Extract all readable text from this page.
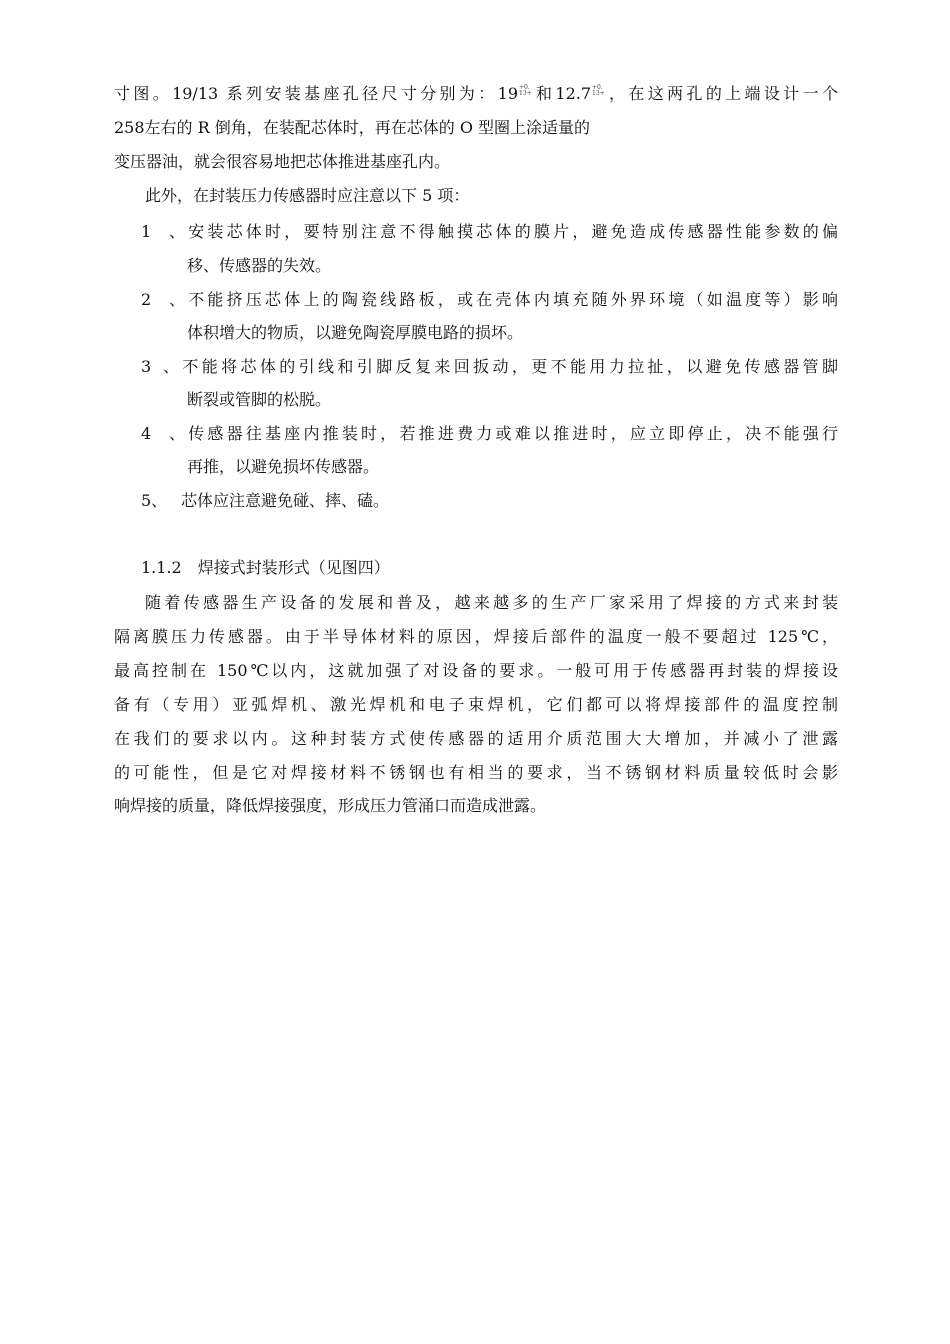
寸图。19/13 系列安装基座孔径尺寸分别为：19 +0.
13+ 和12.7 +0.
13+ ，在这两孔的上端设计一个
258左右的 R 倒角，在装配芯体时，再在芯体的 O 型圈上涂适量的
变压器油，就会很容易地把芯体推进基座孔内。
此外，在封装压力传感器时应注意以下 5 项：
1、安装芯体时，要特别注意不得触摸芯体的膜片，避免造成传感器性能参数的偏
移、传感器的失效。
2、不能挤压芯体上的陶瓷线路板，或在壳体内填充随外界环境（如温度等）影响
体积增大的物质，以避免陶瓷厚膜电路的损坏。
3、不能将芯体的引线和引脚反复来回扳动，更不能用力拉扯，以避免传感器管脚
断裂或管脚的松脱。
4、传感器往基座内推装时，若推进费力或难以推进时，应立即停止，决不能强行
再推，以避免损坏传感器。
5、 芯体应注意避免碰、摔、磕。
1.1.2　焊接式封装形式（见图四）
随着传感器生产设备的发展和普及，越来越多的生产厂家采用了焊接的方式来封装
隔离膜压力传感器。由于半导体材料的原因，焊接后部件的温度一般不要超过 125℃，
最高控制在 150℃以内，这就加强了对设备的要求。一般可用于传感器再封装的焊接设
备有（专用）亚弧焊机、激光焊机和电子束焊机，它们都可以将焊接部件的温度控制
在我们的要求以内。这种封装方式使传感器的适用介质范围大大增加，并减小了泄露
的可能性，但是它对焊接材料不锈钢也有相当的要求，当不锈钢材料质量较低时会影
响焊接的质量，降低焊接强度，形成压力管涌口而造成泄露。
